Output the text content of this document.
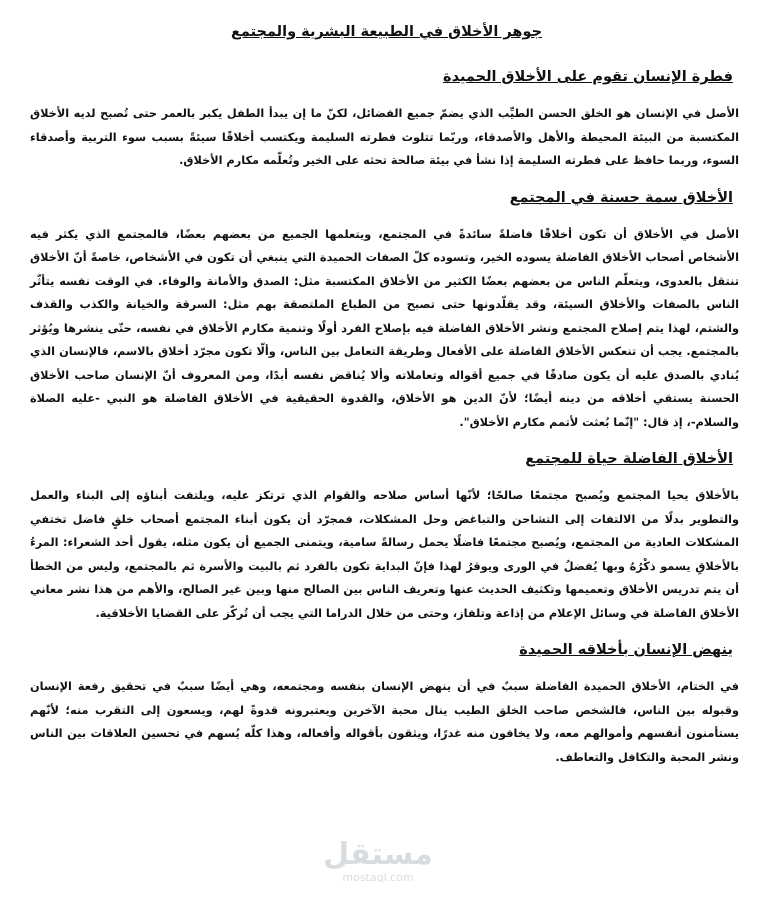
جوهر الأخلاق في الطبيعة البشرية والمجتمع
فطرة الإنسان تقوم على الأخلاق الحميدة

الأصل في الإنسان هو الخلق الحسن الطيِّب الذي يضمّ جميع الفضائل، لكنّ ما إن يبدأ الطفل يكبر بالعمر حتى تُصبح لديه الأخلاق المكتسبة من البيئة المحيطة والأهل والأصدقاء، وربّما تتلوث فطرته السليمة ويكتسب أخلاقًا سيئةً بسبب سوء التربية وأصدقاء السوء، وربما حافظ على فطرته السليمة إذا نشأ في بيئة صالحة تحثه على الخير وتُعلّمه مكارم الأخلاق.

الأخلاق سمة حسنة في المجتمع

الأصل في الأخلاق أن تكون أخلاقًا فاضلةً سائدةً في المجتمع، ويتعلمها الجميع من بعضهم بعضًا، فالمجتمع الذي يكثر فيه الأشخاص أصحاب الأخلاق الفاضلة يسوده الخير، وتسوده كلّ الصفات الحميدة التي ينبغي أن تكون في الأشخاص، خاصةً أنّ الأخلاق تنتقل بالعدوى، ويتعلّم الناس من بعضهم بعضًا الكثير من الأخلاق المكتسبة مثل: الصدق والأمانة والوفاء. في الوقت نفسه يتأثّر الناس بالصفات والأخلاق السيئة، وقد يقلّدونها حتى تصبح من الطباع الملتصقة بهم مثل: السرقة والخيانة والكذب والقذف والشتم، لهذا يتم إصلاح المجتمع ونشر الأخلاق الفاضلة فيه بإصلاح الفرد أولًا وتنمية مكارم الأخلاق في نفسه، حتّى ينشرها ويُؤثر بالمجتمع. يجب أن تنعكس الأخلاق الفاضلة على الأفعال وطريقة التعامل بين الناس، وألّا تكون مجرّد أخلاق بالاسم، فالإنسان الذي يُنادي بالصدق عليه أن يكون صادقًا في جميع أقواله وتعاملاته وألا يُناقض نفسه أبدًا، ومن المعروف أنّ الإنسان صاحب الأخلاق الحسنة يستقي أخلاقه من دينه أيضًا؛ لأنّ الدين هو الأخلاق، والقدوة الحقيقية في الأخلاق الفاضلة هو النبي -عليه الصلاة والسلام-، إذ قال: "إنّما بُعثت لأتمم مكارم الأخلاق".

الأخلاق الفاضلة حياة للمجتمع

بالأخلاق يحيا المجتمع ويُصبح مجتمعًا صالحًا؛ لأنّها أساس صلاحه والقوام الذي ترتكز عليه، ويلتفت أبناؤه إلى البناء والعمل والتطوير بدلًا من الالتفات إلى التشاحن والتباغض وحل المشكلات، فمجرّد أن يكون أبناء المجتمع أصحاب خلقٍ فاضل تختفي المشكلات العادية من المجتمع، ويُصبح مجتمعًا فاضلًا يحمل رسالةً سامية، ويتمنى الجميع أن يكون مثله، يقول أحد الشعراء: المرءُ بالأخلاقِ يسمو ذكْرُهُ وبها يُفضلُ في الورى ويوقرُ لهذا فإنّ البداية تكون بالفرد ثم بالبيت والأسرة ثم بالمجتمع، وليس من الخطأ أن يتم تدريس الأخلاق وتعميمها وتكثيف الحديث عنها وتعريف الناس بين الصالح منها وبين غير الصالح، والأهم من هذا نشر معاني الأخلاق الفاضلة في وسائل الإعلام من إذاعة وتلفاز، وحتى من خلال الدراما التي يجب أن تُركّز على القضايا الأخلاقية.

ينهض الإنسان بأخلاقه الحميدة

في الختام، الأخلاق الحميدة الفاضلة سببٌ في أن ينهض الإنسان بنفسه ومجتمعه، وهي أيضًا سببٌ في تحقيق رفعة الإنسان وقبوله بين الناس، فالشخص صاحب الخلق الطيب ينال محبة الآخرين ويعتبرونه قدوةً لهم، ويسعون إلى التقرب منه؛ لأنّهم يستأمنون أنفسهم وأموالهم معه، ولا يخافون منه غدرًا، ويثقون بأقواله وأفعاله، وهذا كلّه يُسهم في تحسين العلاقات بين الناس ونشر المحبة والتكافل والتعاطف.

مستقل
mostaql.com
